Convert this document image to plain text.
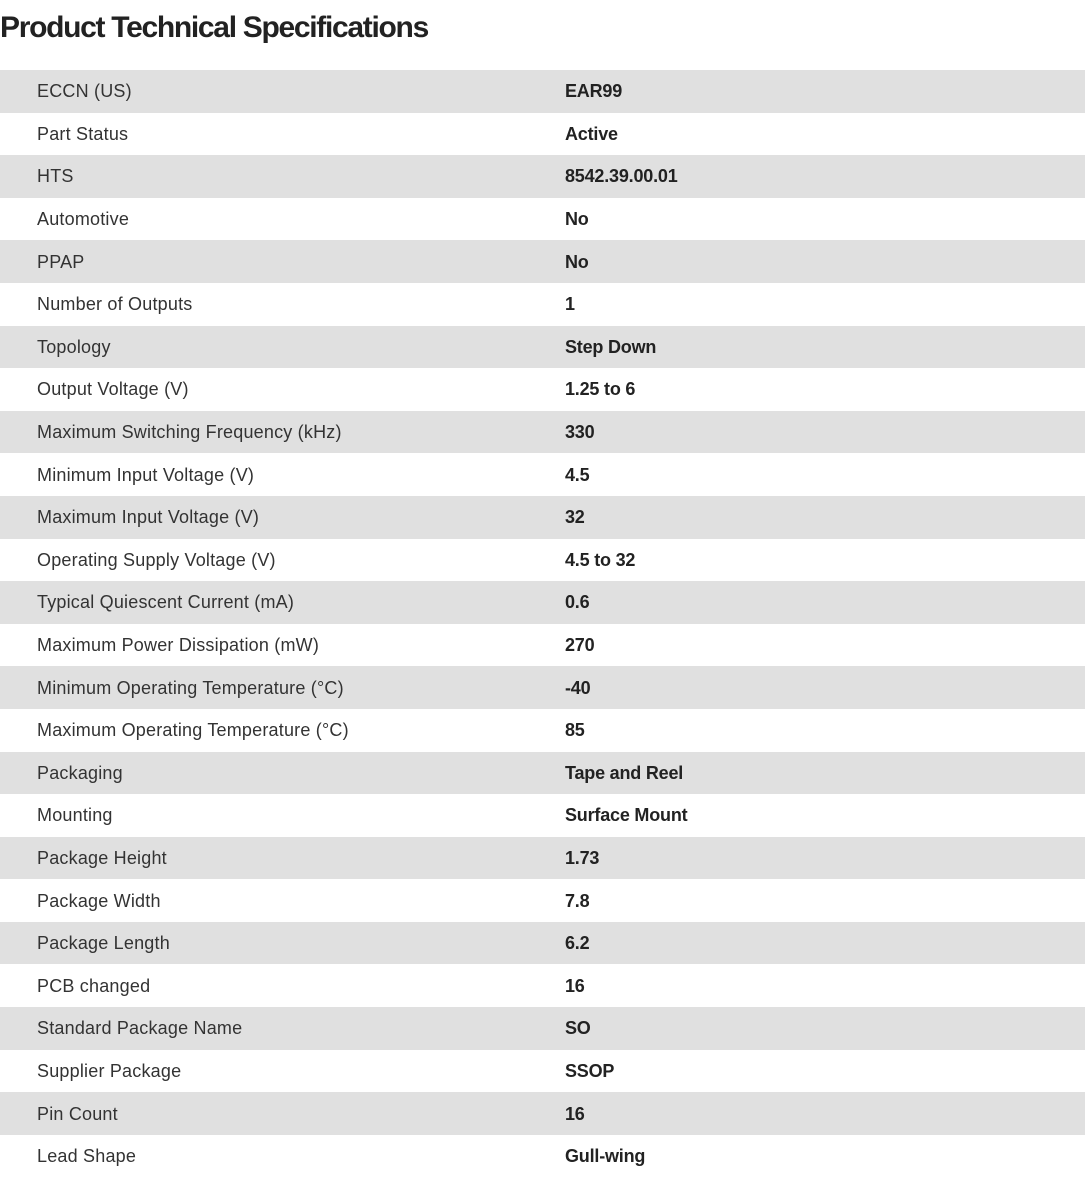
Product Technical Specifications
ECCN (US)	EAR99
Part Status	Active
HTS	8542.39.00.01
Automotive	No
PPAP	No
Number of Outputs	1
Topology	Step Down
Output Voltage (V)	1.25 to 6
Maximum Switching Frequency (kHz)	330
Minimum Input Voltage (V)	4.5
Maximum Input Voltage (V)	32
Operating Supply Voltage (V)	4.5 to 32
Typical Quiescent Current (mA)	0.6
Maximum Power Dissipation (mW)	270
Minimum Operating Temperature (°C)	-40
Maximum Operating Temperature (°C)	85
Packaging	Tape and Reel
Mounting	Surface Mount
Package Height	1.73
Package Width	7.8
Package Length	6.2
PCB changed	16
Standard Package Name	SO
Supplier Package	SSOP
Pin Count	16
Lead Shape	Gull-wing
